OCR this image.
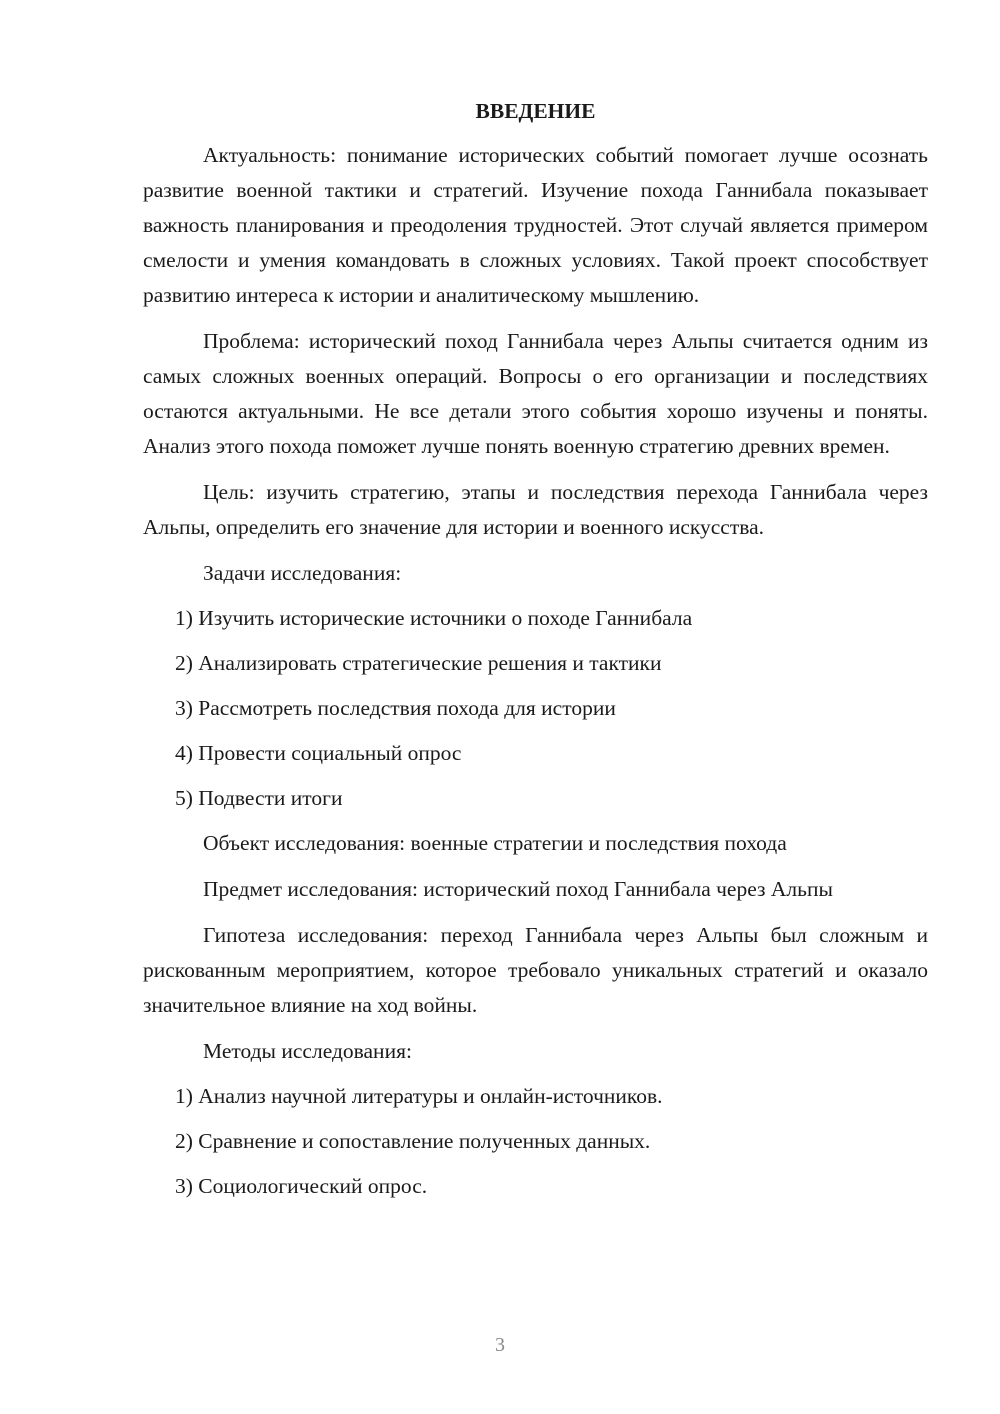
ВВЕДЕНИЕ

Актуальность: понимание исторических событий помогает лучше осознать развитие военной тактики и стратегий. Изучение похода Ганнибала показывает важность планирования и преодоления трудностей. Этот случай является примером смелости и умения командовать в сложных условиях. Такой проект способствует развитию интереса к истории и аналитическому мышлению.

Проблема: исторический поход Ганнибала через Альпы считается одним из самых сложных военных операций. Вопросы о его организации и последствиях остаются актуальными. Не все детали этого события хорошо изучены и поняты. Анализ этого похода поможет лучше понять военную стратегию древних времен.

Цель: изучить стратегию, этапы и последствия перехода Ганнибала через Альпы, определить его значение для истории и военного искусства.

Задачи исследования:

1) Изучить исторические источники о походе Ганнибала

2) Анализировать стратегические решения и тактики

3) Рассмотреть последствия похода для истории

4) Провести социальный опрос

5) Подвести итоги

Объект исследования: военные стратегии и последствия похода

Предмет исследования: исторический поход Ганнибала через Альпы

Гипотеза исследования: переход Ганнибала через Альпы был сложным и рискованным мероприятием, которое требовало уникальных стратегий и оказало значительное влияние на ход войны.

Методы исследования:

1) Анализ научной литературы и онлайн-источников.

2) Сравнение и сопоставление полученных данных.

3) Социологический опрос.

3
